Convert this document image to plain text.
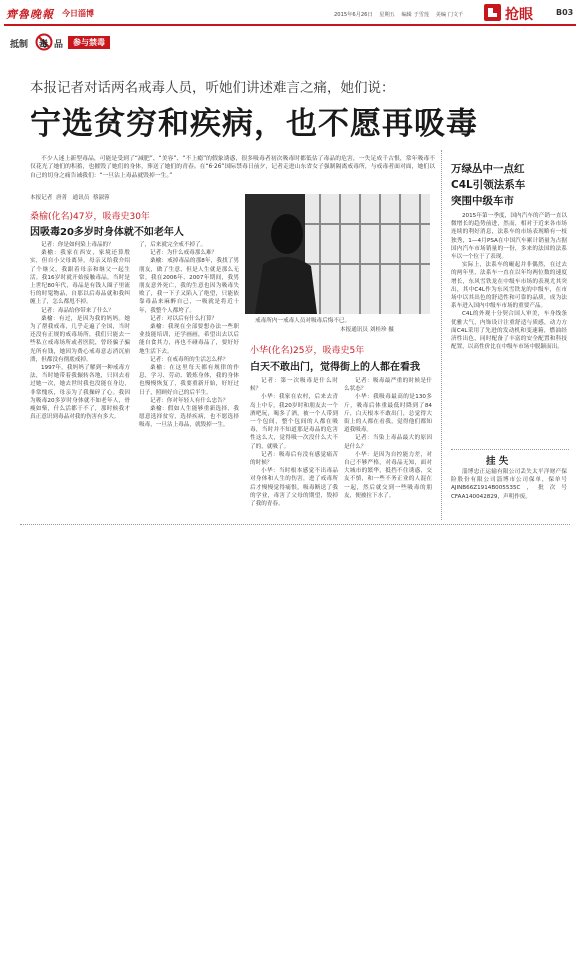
齊魯晚報 今日淄博	2015年6月26日 星期五 编辑 于雪莲 美编 门文千	抢眼	B03
抵制 毒 品	参与禁毒
本报记者对话两名戒毒人员，听她们讲述难言之痛，她们说：
宁选贫穷和疾病，也不愿再吸毒

不少人迷上新型毒品，可能是受到了“减肥”、“美容”、“不上瘾”的假象诱惑，很多吸毒者初次吸毒时都低估了毒品的危害，一失足成千古恨，常年吸毒不仅花光了她们的积蓄，也摧毁了她们的身体，葬送了她们的青春。在“6·26”国际禁毒日前夕，记者走进山东省女子强制隔离戒毒所，与戒毒者面对面，她们以自己的切身之痛告诫我们：“一旦沾上毒品就毁掉一生。”

本报记者 唐菁 通讯员 蔡淑蓉
桑榆(化名)47岁，吸毒史30年
因吸毒20多岁时身体就不如老年人

记者：你是如何染上毒品的？

桑榆：我家在西安，家境还算殷实，但自小父母离异，母亲又给我介绍了个继父，我跟着母亲和继父一起生活。我16岁时就开始接触毒品，当时是上世纪80年代，毒品是有钱人圈子里流行的时髦物品，自那以后毒品就和我纠缠上了，怎么都甩不掉。

记者：毒品给你带来了什么？

桑榆：有过，是因为我的妈妈。她为了帮我戒毒，几乎走遍了全国，当时还没有正规的戒毒场所，我们只能去一些私立戒毒场所或者医院，曾经骗子骗光所有钱，她因为费心戒毒意志消沉崩溃，但都没有彻底戒掉。

1997年，我妈妈了解到一种戒毒方法，当时她带着我辗转各地，只回去看过她一次，她去世时我也没能在身边，非常愧疚，母亲为了我操碎了心。我因为吸毒20多岁时身体就不如老年人，骨瘦如柴，什么活都干不了，那时候我才真正意识到毒品对我的伤害有多大。

了，后来就完全戒不掉了。

记者：为什么戒毒那么难？

桑榆：戒掉毒品的那8年，我找了男朋友，做了生意，但是人生就是那么无常。我在2006年、2007年期间，我男朋友意外死亡，我的生意也因为吸毒失败了，我一下子又陷入了绝望，只能依靠毒品来麻醉自己，一吸就是将近十年，我整个人都垮了。

记者：对以后有什么打算？

桑榆：我现在全部要想办法一些职业技能培训，还学画画，希望出去以后能自食其力，再也不碰毒品了，要好好地生活下去。

记者：在戒毒所的生活怎么样？

桑榆：在这里每天都有规律的作息，学习、劳动、锻炼身体，我的身体也慢慢恢复了，我要重新开始，好好过日子，照顾好自己的后半生。

记者：你对年轻人有什么忠告？

桑榆：假如人生能够重新选择，我愿意选择贫穷，选择疾病，也不愿选择吸毒，一旦沾上毒品，就毁掉一生。

戒毒所内一戒毒人员对吸毒后悔不已。
本报通讯员 刘桂珍 摄
小华(化名)25岁，吸毒史5年
白天不敢出门，觉得街上的人都在看我

记者：第一次吸毒是什么时候？

小华：我家在农村，后来去青岛上中专，我20岁时和朋友去一个酒吧玩，喝多了酒，被一个人带到一个包间，整个包间的人都在吸毒，当时并不知道那是毒品的危害性这么大，觉得吸一次没什么大不了的，就吸了。

记者：吸毒后有没有感觉痛苦的时候？

小华：当时根本感觉不出毒品对身体和人生的伤害，进了戒毒所后才慢慢觉得痛恨，吸毒断送了我的学业，毒害了父母的期望，毁掉了我的青春。

记者：吸毒最严重的时候是什么状态？

小华：我吸毒最高的是130多斤，吸毒后体重最低时降到了84斤，白天根本不敢出门，总觉得大街上的人都在看我，觉得他们都知道我吸毒。

记者：当染上毒品最大的原因是什么？

小华：是因为自控能力差，对自己不够严格，对毒品无知，面对大城市的繁华，抵挡不住诱惑，交友不慎，和一些不务正业的人混在一起，然后就交到一些吸毒的朋友，便被拉下水了。

万绿丛中一点红
C4L引领法系车
突围中级车市

2015年第一季度，国内汽车的产销一直以微增长的趋势前进，然而，相对于近来各市场连续的利好消息，法系车的市场表现略有一枝独秀，1—4月PSA在中国汽车累计销量为占据国内汽车市场销量的一份，多来的法国的法系车以一个位于了表现。

实际上，法系车的崛起并非偶然，在过去的两年里，法系车一直在以年均两位数的速度增长，东风雪铁龙在中级车市场的表现尤其突出，其中C4L作为东风雪铁龙的中级车，在市场中以其出色的舒适性和可靠的品质，成为法系车进入国内中级车市场的重要产品。

C4L的外观十分契合国人审美，车身线条优雅大气，内饰设计注重舒适与质感，动力方面C4L采用了先进的发动机和变速箱，燃油经济性出色，同时配备了丰富的安全配置和科技配置，以高性价比在中级车市场中脱颖而出。

挂 失

淄博忠正运输有限公司丢失太平洋财产保险股份有限公司淄博市公司保单，保单号AJINB66Z1914B005535C，批次号CFAA140042829，声明作废。
